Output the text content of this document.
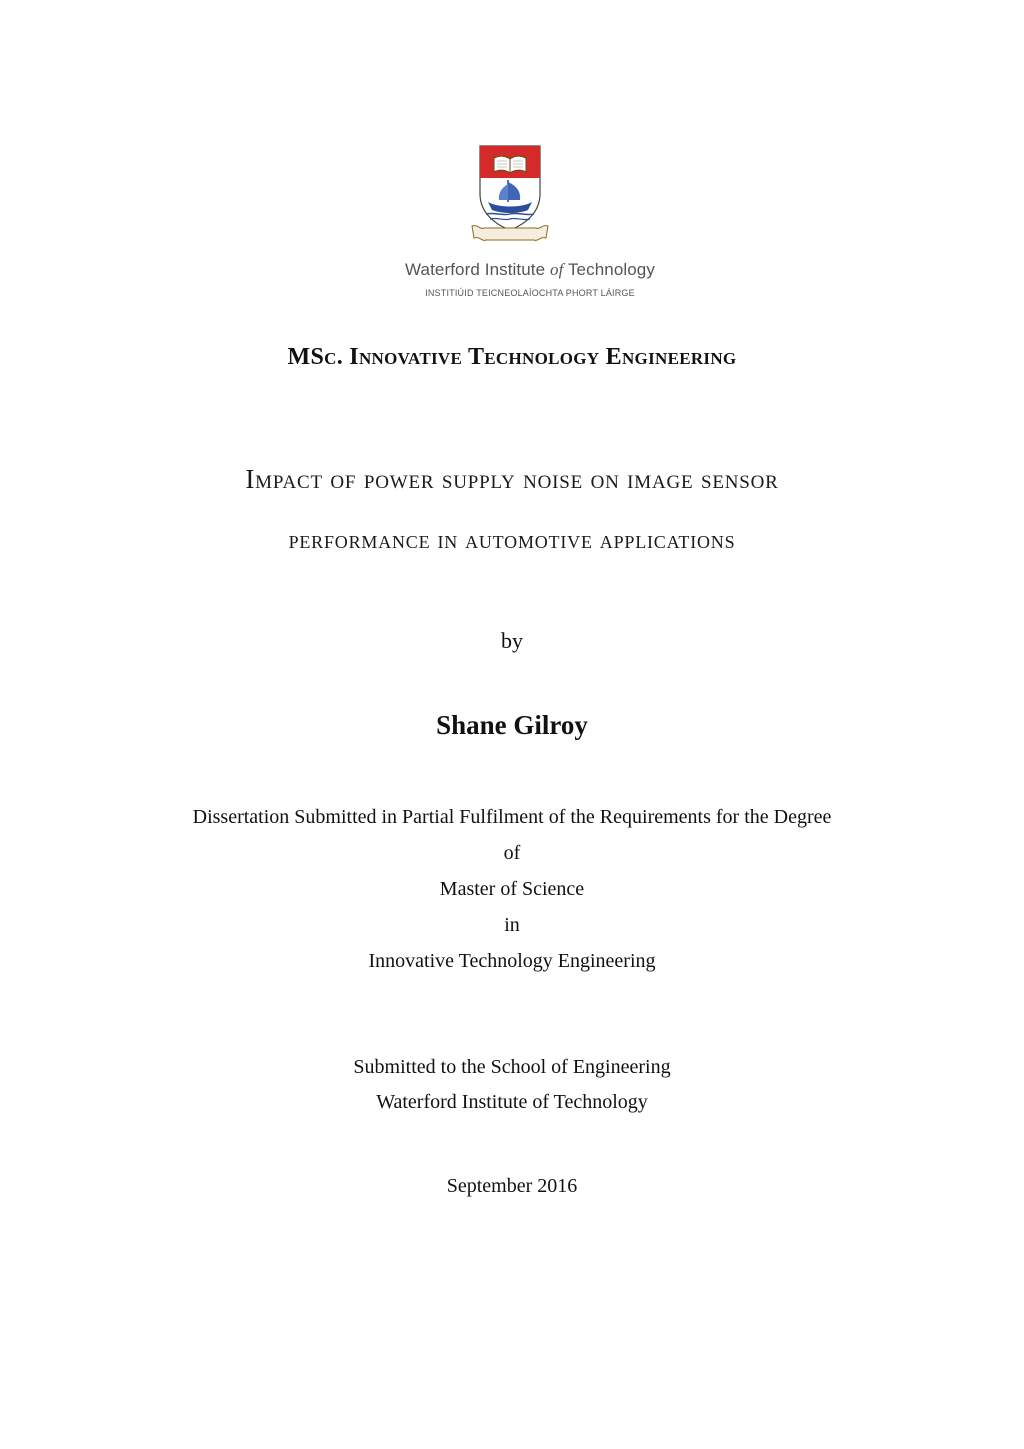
Waterford Institute of Technology
INSTITIÚID TEICNEOLAÍOCHTA PHORT LÁIRGE
MSc. Innovative Technology Engineering
Impact of power supply noise on image sensor
performance in automotive applications
by
Shane Gilroy
Dissertation Submitted in Partial Fulfilment of the Requirements for the Degree
of
Master of Science
in
Innovative Technology Engineering
Submitted to the School of Engineering
Waterford Institute of Technology
September 2016
